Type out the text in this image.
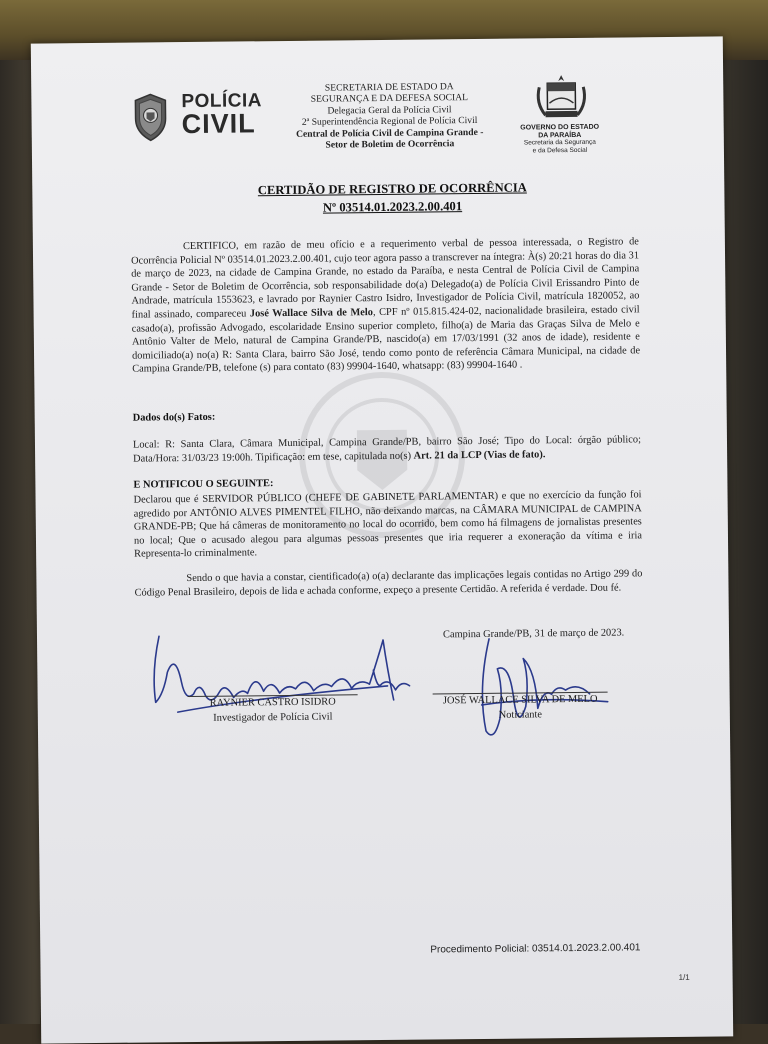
POLÍCIA
CIVIL
SECRETARIA DE ESTADO DA
SEGURANÇA E DA DEFESA SOCIAL
Delegacia Geral da Polícia Civil
2ª Superintendência Regional de Polícia Civil
Central de Polícia Civil de Campina Grande -
Setor de Boletim de Ocorrência
GOVERNO DO ESTADO
DA PARAÍBA
Secretaria da Segurança
e da Defesa Social
CERTIDÃO DE REGISTRO DE OCORRÊNCIA
Nº 03514.01.2023.2.00.401
CERTIFICO, em razão de meu ofício e a requerimento verbal de pessoa interessada, o Registro de Ocorrência Policial Nº 03514.01.2023.2.00.401, cujo teor agora passo a transcrever na íntegra: À(s) 20:21 horas do dia 31 de março de 2023, na cidade de Campina Grande, no estado da Paraíba, e nesta Central de Polícia Civil de Campina Grande - Setor de Boletim de Ocorrência, sob responsabilidade do(a) Delegado(a) de Polícia Civil Erissandro Pinto de Andrade, matrícula 1553623, e lavrado por Raynier Castro Isidro, Investigador de Polícia Civil, matrícula 1820052, ao final assinado, compareceu José Wallace Silva de Melo, CPF nº 015.815.424-02, nacionalidade brasileira, estado civil casado(a), profissão Advogado, escolaridade Ensino superior completo, filho(a) de Maria das Graças Silva de Melo e Antônio Valter de Melo, natural de Campina Grande/PB, nascido(a) em 17/03/1991 (32 anos de idade), residente e domiciliado(a) no(a) R: Santa Clara, bairro São José, tendo como ponto de referência Câmara Municipal, na cidade de Campina Grande/PB, telefone (s) para contato (83) 99904-1640, whatsapp: (83) 99904-1640 .
Dados do(s) Fatos:
Local: R: Santa Clara, Câmara Municipal, Campina Grande/PB, bairro São José; Tipo do Local: órgão público; Data/Hora: 31/03/23 19:00h. Tipificação: em tese, capitulada no(s) Art. 21 da LCP (Vias de fato).
E NOTIFICOU O SEGUINTE:
Declarou que é SERVIDOR PÚBLICO (CHEFE DE GABINETE PARLAMENTAR) e que no exercício da função foi agredido por ANTÔNIO ALVES PIMENTEL FILHO, não deixando marcas, na CÂMARA MUNICIPAL de CAMPINA GRANDE-PB; Que há câmeras de monitoramento no local do ocorrido, bem como há filmagens de jornalistas presentes no local; Que o acusado alegou para algumas pessoas presentes que iria requerer a exoneração da vítima e iria Representa-lo criminalmente.
Sendo o que havia a constar, cientificado(a) o(a) declarante das implicações legais contidas no Artigo 299 do Código Penal Brasileiro, depois de lida e achada conforme, expeço a presente Certidão. A referida é verdade. Dou fé.
Campina Grande/PB, 31 de março de 2023.
RAYNIER CASTRO ISIDRO
Investigador de Polícia Civil
JOSÉ WALLACE SILVA DE MELO
Noticiante
Procedimento Policial: 03514.01.2023.2.00.401
1/1
